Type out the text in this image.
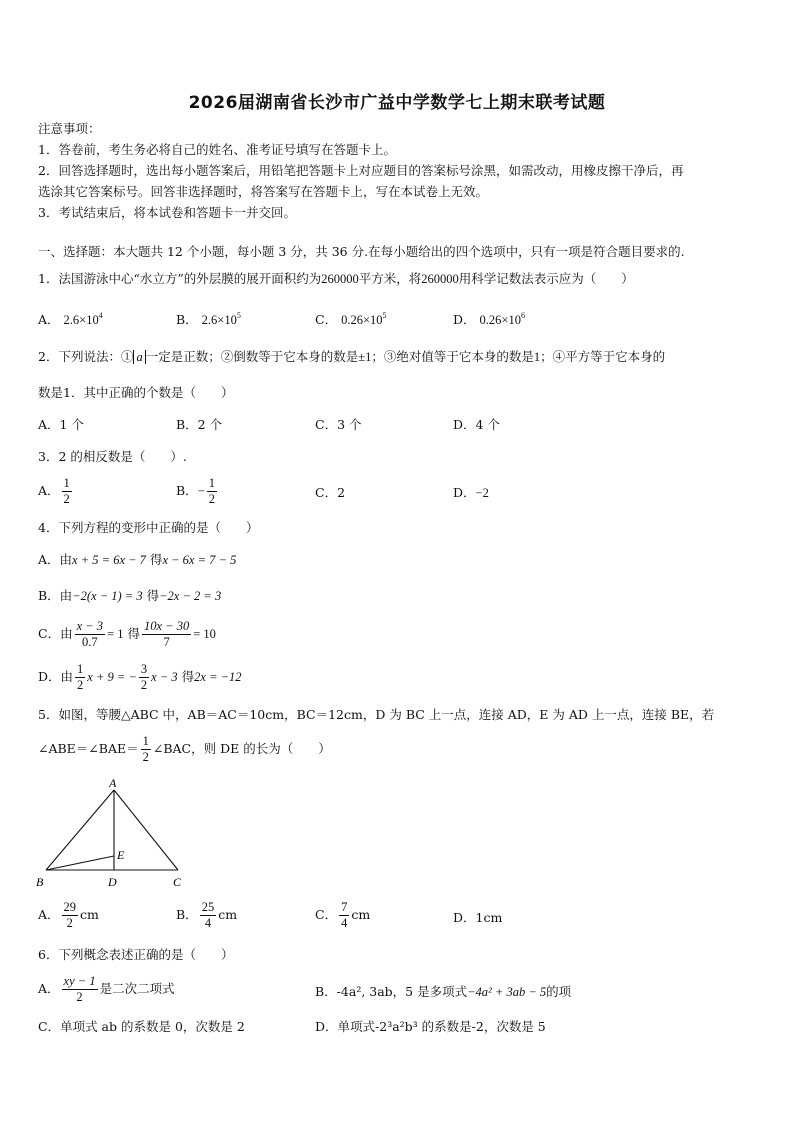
2026届湖南省长沙市广益中学数学七上期末联考试题
注意事项：
1．答卷前，考生务必将自己的姓名、准考证号填写在答题卡上。
2．回答选择题时，选出每小题答案后，用铅笔把答题卡上对应题目的答案标号涂黑，如需改动，用橡皮擦干净后，再
选涂其它答案标号。回答非选择题时，将答案写在答题卡上，写在本试卷上无效。
3．考试结束后，将本试卷和答题卡一并交回。
一、选择题：本大题共 12 个小题，每小题 3 分，共 36 分.在每小题给出的四个选项中，只有一项是符合题目要求的.
1．法国游泳中心“水立方”的外层膜的展开面积约为260000平方米，将260000用科学记数法表示应为（　　）
A． $2.6\times 10^4$	B． $2.6\times 10^5$	C． $0.26\times 10^5$	D． $0.26\times 10^6$
2．下列说法：① a 一定是正数；②倒数等于它本身的数是±1；③绝对值等于它本身的数是1；④平方等于它本身的
数是1．其中正确的个数是（　　）
A．1 个	B．2 个	C．3 个	D．4 个
3．2 的相反数是（　　）.
A． $\frac{1}{2}$	B．− $\frac{1}{2}$	C．2	D．−2
4．下列方程的变形中正确的是（　　）
A．由x + 5 = 6x − 7 得x − 6x = 7 − 5
B．由−2(x − 1) = 3 得−2x − 2 = 3
C．由 $\frac{x - 3}{0.7} = 1$ 得 $\frac{10x - 30}{7} = 10$
D．由 $\frac{1}{2}$ x + 9 = − $\frac{3}{2}$ x − 3 得2x = −12
5．如图，等腰△ABC 中，AB＝AC＝10cm，BC＝12cm，D 为 BC 上一点，连接 AD，E 为 AD 上一点，连接 BE，若
∠ABE＝∠BAE＝ $\frac{1}{2}$ ∠BAC，则 DE 的长为（　　）
A
B	C
D
E
A． $\frac{29}{2}$ cm	B． $\frac{25}{4}$ cm	C． $\frac{7}{4}$ cm	D．1cm
6．下列概念表述正确的是（　　）
A． $\frac{xy - 1}{2}$ 是二次二项式	B．-4a², 3ab，5 是多项式−4a² + 3ab − 5的项
C．单项式 ab 的系数是 0，次数是 2	D．单项式-2³a²b³ 的系数是-2，次数是 5
